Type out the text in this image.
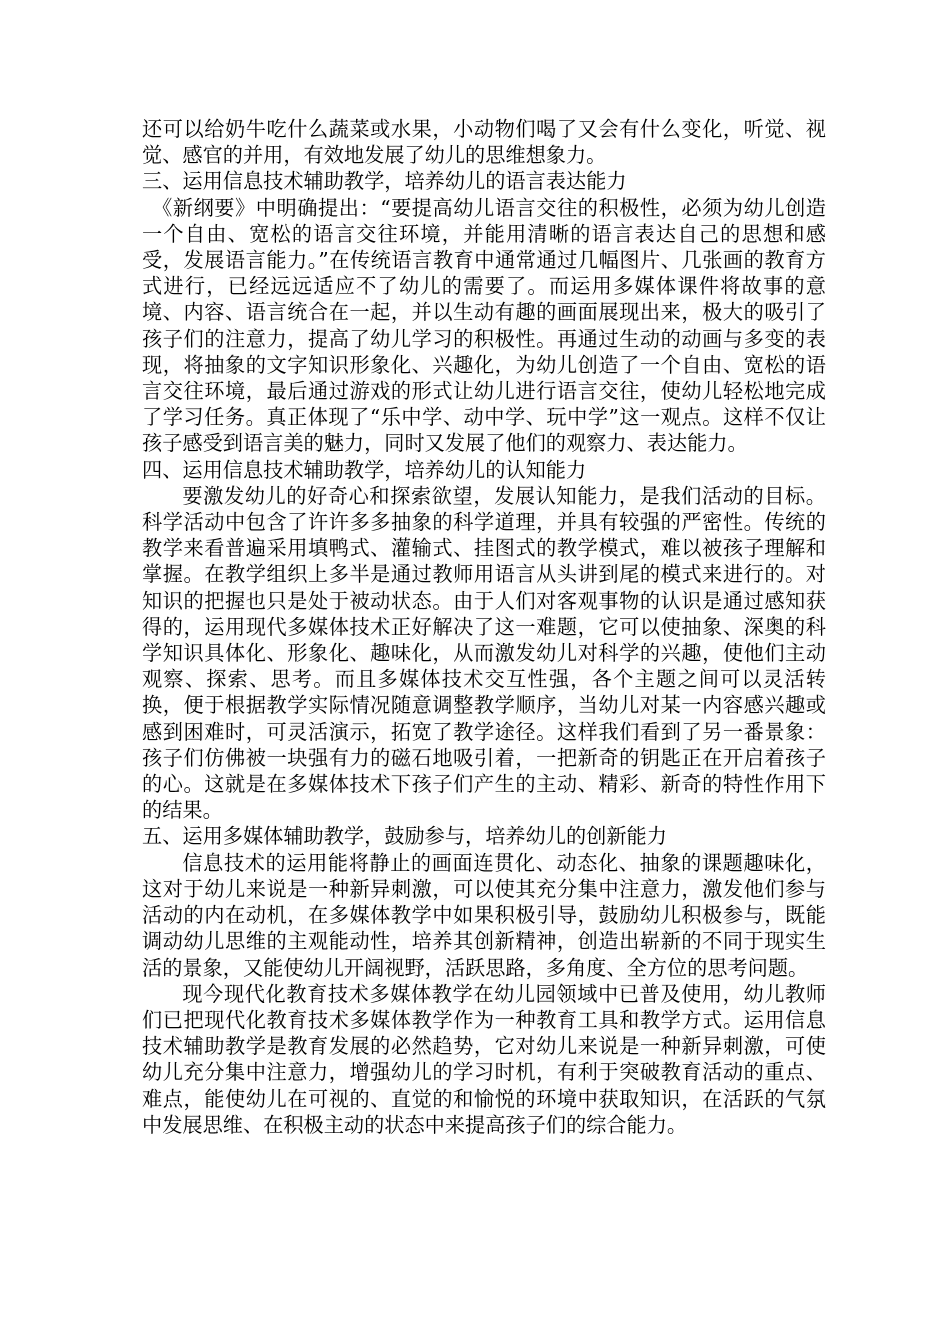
还可以给奶牛吃什么蔬菜或水果，小动物们喝了又会有什么变化，听觉、视觉、感官的并用，有效地发展了幼儿的思维想象力。

三、运用信息技术辅助教学，培养幼儿的语言表达能力

《新纲要》中明确提出：“要提高幼儿语言交往的积极性，必须为幼儿创造一个自由、宽松的语言交往环境，并能用清晰的语言表达自己的思想和感受，发展语言能力。”在传统语言教育中通常通过几幅图片、几张画的教育方式进行，已经远远适应不了幼儿的需要了。而运用多媒体课件将故事的意境、内容、语言统合在一起，并以生动有趣的画面展现出来，极大的吸引了孩子们的注意力，提高了幼儿学习的积极性。再通过生动的动画与多变的表现，将抽象的文字知识形象化、兴趣化，为幼儿创造了一个自由、宽松的语言交往环境，最后通过游戏的形式让幼儿进行语言交往，使幼儿轻松地完成了学习任务。真正体现了“乐中学、动中学、玩中学”这一观点。这样不仅让孩子感受到语言美的魅力，同时又发展了他们的观察力、表达能力。

四、运用信息技术辅助教学，培养幼儿的认知能力

要激发幼儿的好奇心和探索欲望，发展认知能力，是我们活动的目标。科学活动中包含了许许多多抽象的科学道理，并具有较强的严密性。传统的教学来看普遍采用填鸭式、灌输式、挂图式的教学模式，难以被孩子理解和掌握。在教学组织上多半是通过教师用语言从头讲到尾的模式来进行的。对知识的把握也只是处于被动状态。由于人们对客观事物的认识是通过感知获得的，运用现代多媒体技术正好解决了这一难题，它可以使抽象、深奥的科学知识具体化、形象化、趣味化，从而激发幼儿对科学的兴趣，使他们主动观察、探索、思考。而且多媒体技术交互性强，各个主题之间可以灵活转换，便于根据教学实际情况随意调整教学顺序，当幼儿对某一内容感兴趣或感到困难时，可灵活演示，拓宽了教学途径。这样我们看到了另一番景象：孩子们仿佛被一块强有力的磁石地吸引着，一把新奇的钥匙正在开启着孩子的心。这就是在多媒体技术下孩子们产生的主动、精彩、新奇的特性作用下的结果。

五、运用多媒体辅助教学，鼓励参与，培养幼儿的创新能力

信息技术的运用能将静止的画面连贯化、动态化、抽象的课题趣味化，这对于幼儿来说是一种新异刺激，可以使其充分集中注意力，激发他们参与活动的内在动机，在多媒体教学中如果积极引导，鼓励幼儿积极参与，既能调动幼儿思维的主观能动性，培养其创新精神，创造出崭新的不同于现实生活的景象，又能使幼儿开阔视野，活跃思路，多角度、全方位的思考问题。

现今现代化教育技术多媒体教学在幼儿园领域中已普及使用，幼儿教师们已把现代化教育技术多媒体教学作为一种教育工具和教学方式。运用信息技术辅助教学是教育发展的必然趋势，它对幼儿来说是一种新异刺激，可使幼儿充分集中注意力，增强幼儿的学习时机，有利于突破教育活动的重点、难点，能使幼儿在可视的、直觉的和愉悦的环境中获取知识，在活跃的气氛中发展思维、在积极主动的状态中来提高孩子们的综合能力。
